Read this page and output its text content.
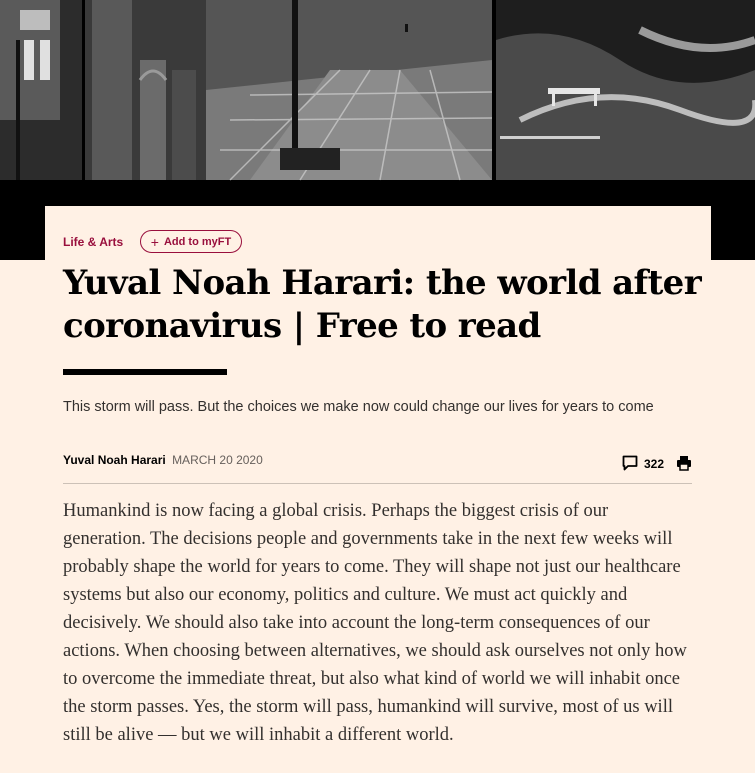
Life & Arts + Add to myFT
Yuval Noah Harari: the world after coronavirus | Free to read
This storm will pass. But the choices we make now could change our lives for years to come
Yuval Noah Harari MARCH 20 2020	322

Humankind is now facing a global crisis. Perhaps the biggest crisis of our generation. The decisions people and governments take in the next few weeks will probably shape the world for years to come. They will shape not just our healthcare systems but also our economy, politics and culture. We must act quickly and decisively. We should also take into account the long-term consequences of our actions. When choosing between alternatives, we should ask ourselves not only how to overcome the immediate threat, but also what kind of world we will inhabit once the storm passes. Yes, the storm will pass, humankind will survive, most of us will still be alive — but we will inhabit a different world.
